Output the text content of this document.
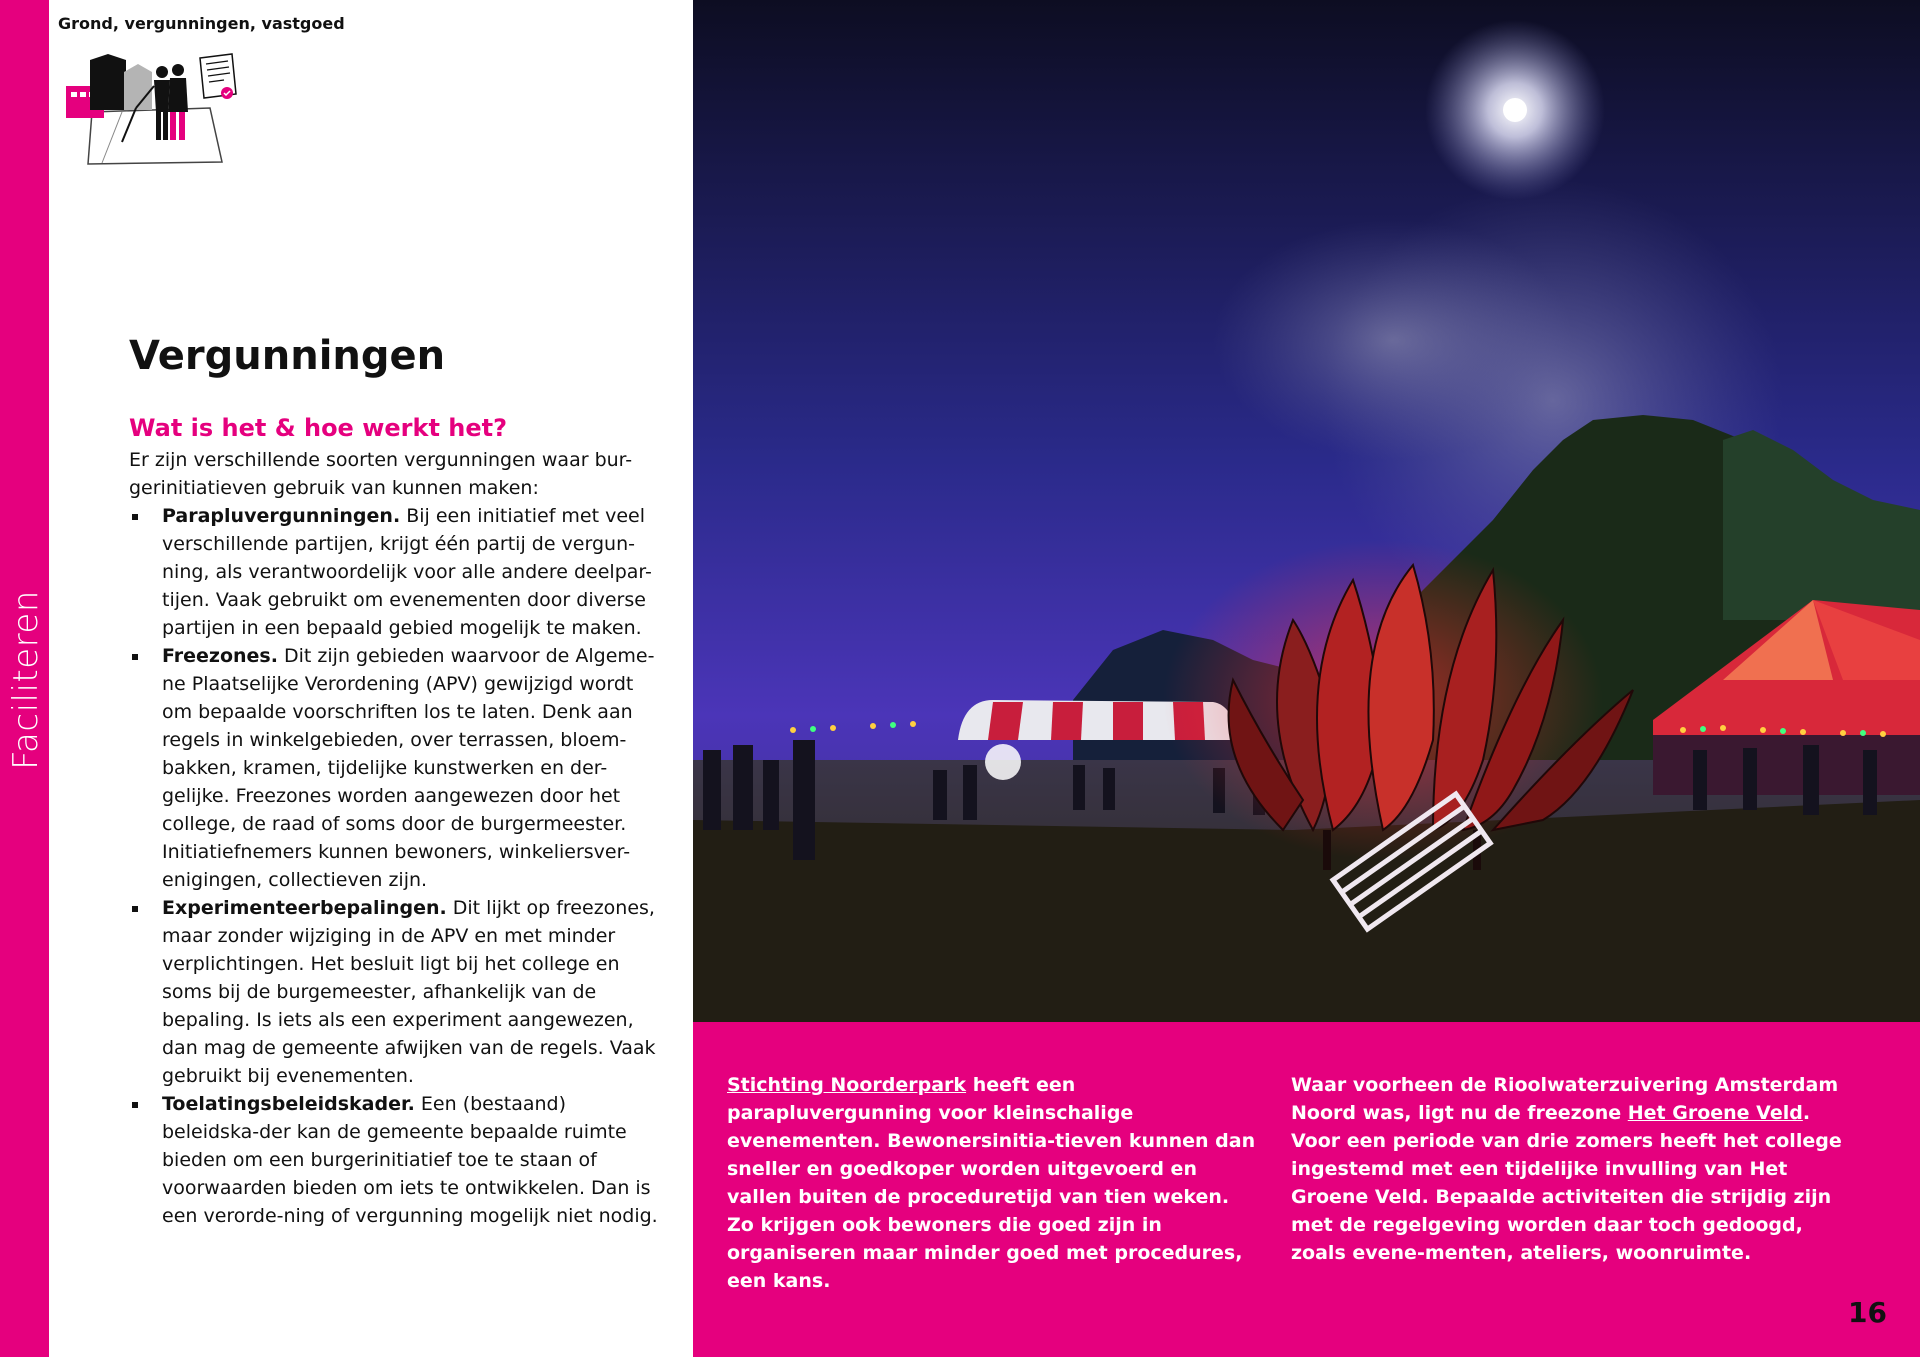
Faciliteren
Grond, vergunningen, vastgoed
Vergunningen
Wat is het & hoe werkt het?

Er zijn verschillende soorten vergunningen waar bur-gerinitiatieven gebruik van kunnen maken:

Parapluvergunningen. Bij een initiatief met veel verschillende partijen, krijgt één partij de vergun-ning, als verantwoordelijk voor alle andere deelpar-tijen. Vaak gebruikt om evenementen door diverse partijen in een bepaald gebied mogelijk te maken.
Freezones. Dit zijn gebieden waarvoor de Algeme-ne Plaatselijke Verordening (APV) gewijzigd wordt om bepaalde voorschriften los te laten. Denk aan regels in winkelgebieden, over terrassen, bloem-bakken, kramen, tijdelijke kunstwerken en der-gelijke. Freezones worden aangewezen door het college, de raad of soms door de burgermeester. Initiatiefnemers kunnen bewoners, winkeliersver-enigingen, collectieven zijn.
Experimenteerbepalingen. Dit lijkt op freezones, maar zonder wijziging in de APV en met minder verplichtingen. Het besluit ligt bij het college en soms bij de burgemeester, afhankelijk van de bepaling. Is iets als een experiment aangewezen, dan mag de gemeente afwijken van de regels. Vaak gebruikt bij evenementen.
Toelatingsbeleidskader. Een (bestaand) beleidska-der kan de gemeente bepaalde ruimte bieden om een burgerinitiatief toe te staan of voorwaarden bieden om iets te ontwikkelen. Dan is een verorde-ning of vergunning mogelijk niet nodig.
Stichting Noorderpark heeft een parapluvergunning voor kleinschalige evenementen. Bewonersinitia-tieven kunnen dan sneller en goedkoper worden uitgevoerd en vallen buiten de proceduretijd van tien weken. Zo krijgen ook bewoners die goed zijn in organiseren maar minder goed met procedures, een kans.
Waar voorheen de Rioolwaterzuivering Amsterdam Noord was, ligt nu de freezone Het Groene Veld. Voor een periode van drie zomers heeft het college ingestemd met een tijdelijke invulling van Het Groene Veld. Bepaalde activiteiten die strijdig zijn met de regelgeving worden daar toch gedoogd, zoals evene-menten, ateliers, woonruimte.
16
